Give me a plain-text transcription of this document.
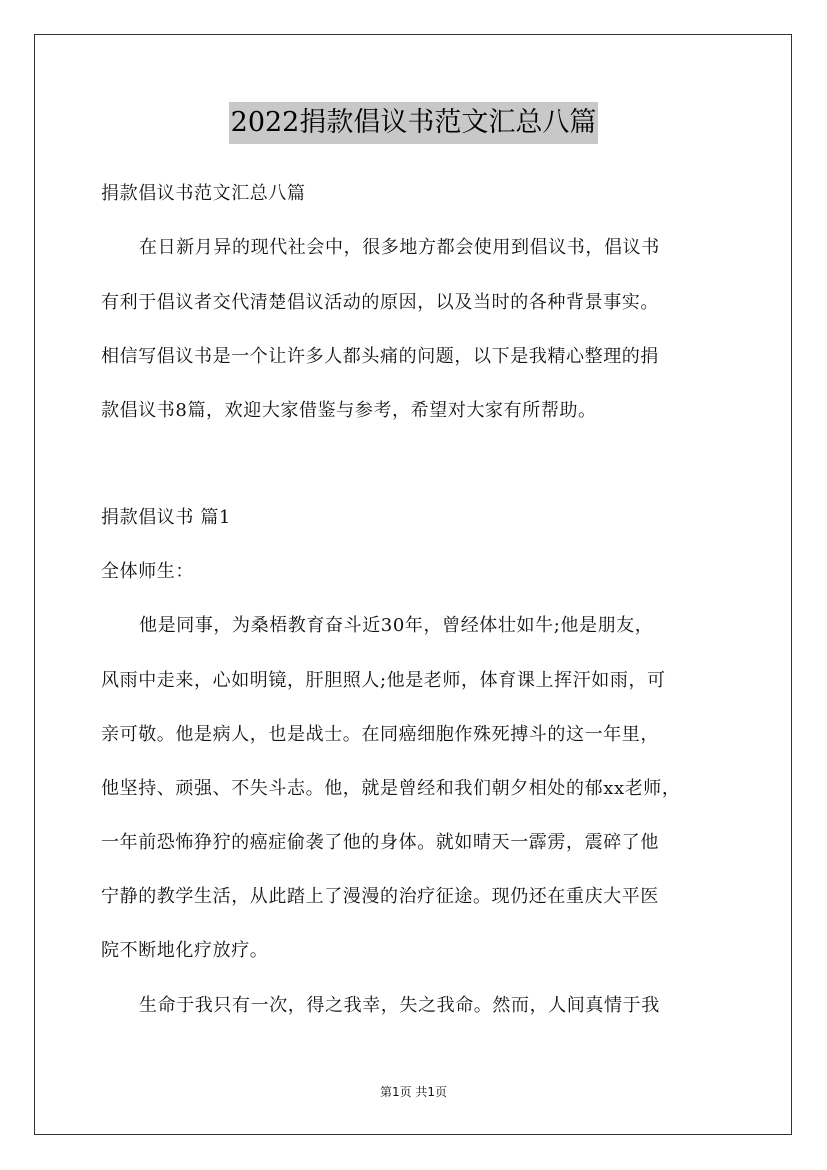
2022捐款倡议书范文汇总八篇
捐款倡议书范文汇总八篇
在日新月异的现代社会中，很多地方都会使用到倡议书，倡议书
有利于倡议者交代清楚倡议活动的原因，以及当时的各种背景事实。
相信写倡议书是一个让许多人都头痛的问题，以下是我精心整理的捐
款倡议书8篇，欢迎大家借鉴与参考，希望对大家有所帮助。
捐款倡议书 篇1
全体师生：
他是同事，为桑梧教育奋斗近30年，曾经体壮如牛;他是朋友，
风雨中走来，心如明镜，肝胆照人;他是老师，体育课上挥汗如雨，可
亲可敬。他是病人，也是战士。在同癌细胞作殊死搏斗的这一年里，
他坚持、顽强、不失斗志。他，就是曾经和我们朝夕相处的郁xx老师，
一年前恐怖狰狞的癌症偷袭了他的身体。就如晴天一霹雳，震碎了他
宁静的教学生活，从此踏上了漫漫的治疗征途。现仍还在重庆大平医
院不断地化疗放疗。
生命于我只有一次，得之我幸，失之我命。然而，人间真情于我
第1页 共1页
